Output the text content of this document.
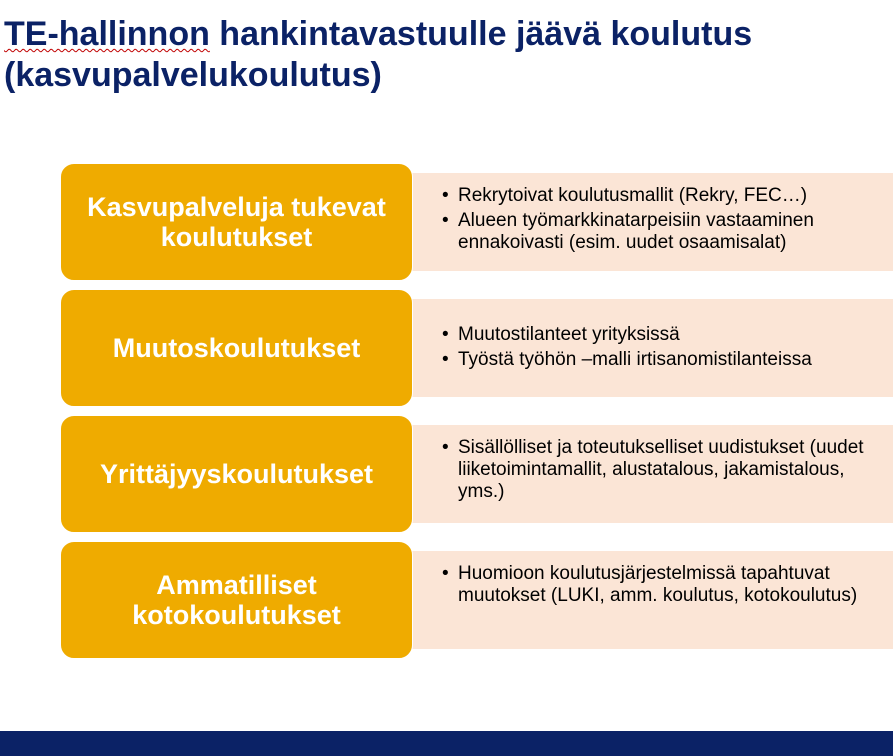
TE-hallinnon hankintavastuulle jäävä koulutus
(kasvupalvelukoulutus)
• Rekrytoivat koulutusmallit (Rekry, FEC…)
• Alueen työmarkkinatarpeisiin vastaaminen ennakoivasti (esim. uudet osaamisalat)
Kasvupalveluja tukevat koulutukset
• Muutostilanteet yrityksissä
• Työstä työhön –malli irtisanomistilanteissa
Muutoskoulutukset
• Sisällölliset ja toteutukselliset uudistukset (uudet liiketoimintamallit, alustatalous, jakamistalous, yms.)
Yrittäjyyskoulutukset
• Huomioon koulutusjärjestelmissä tapahtuvat muutokset (LUKI, amm. koulutus, kotokoulutus)
Ammatilliset kotokoulutukset
